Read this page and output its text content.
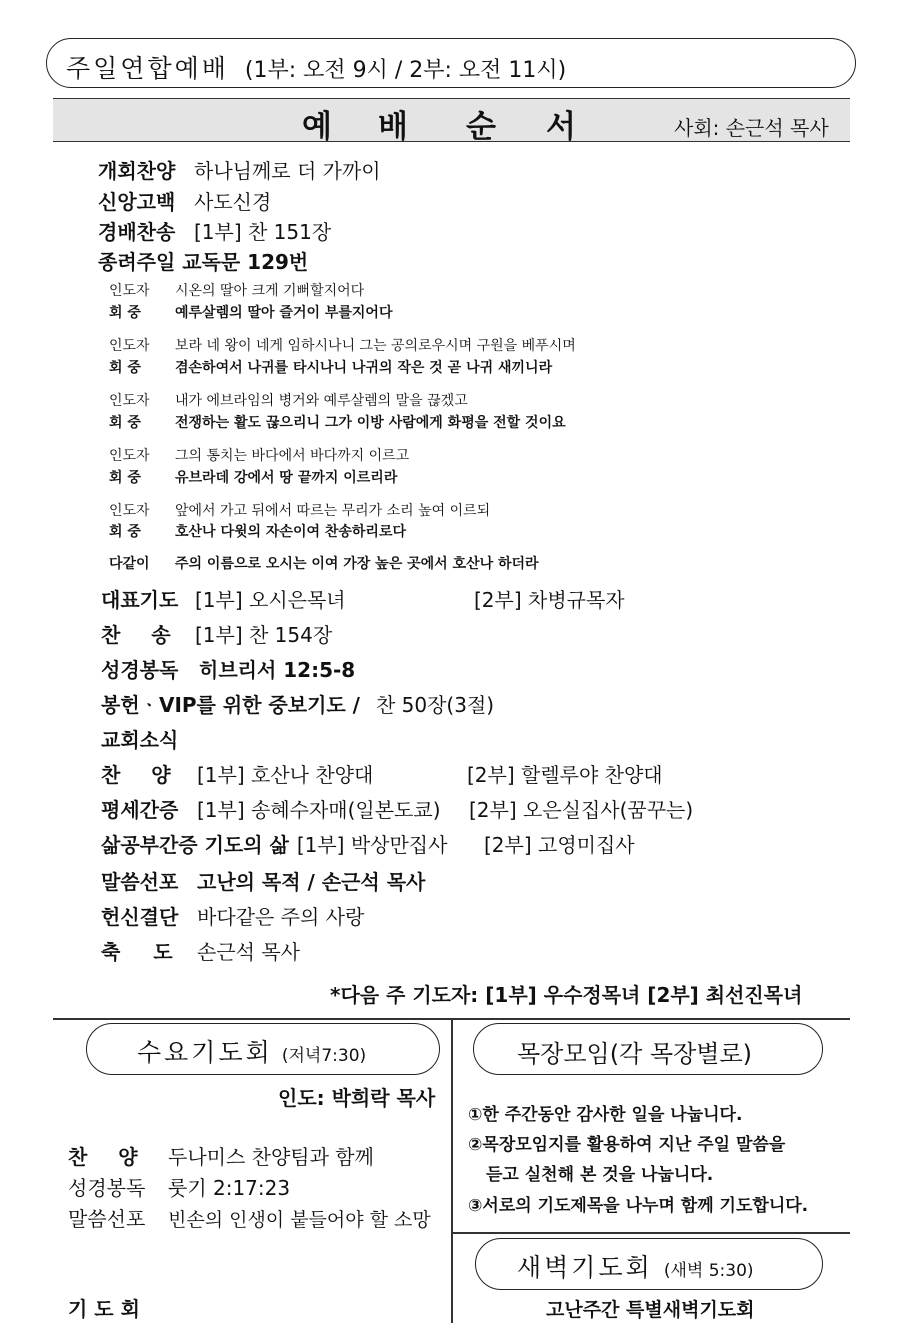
주일연합예배 (1부: 오전 9시 / 2부: 오전 11시)
예 배 순 서	사회: 손근석 목사
개회찬양 하나님께로 더 가까이
신앙고백 사도신경
경배찬송 [1부] 찬 151장
종려주일 교독문 129번
인도자 시온의 딸아 크게 기뻐할지어다
회 중 예루살렘의 딸아 즐거이 부를지어다
인도자 보라 네 왕이 네게 임하시나니 그는 공의로우시며 구원을 베푸시며
회 중 겸손하여서 나귀를 타시나니 나귀의 작은 것 곧 나귀 새끼니라
인도자 내가 에브라임의 병거와 예루살렘의 말을 끊겠고
회 중 전쟁하는 활도 끊으리니 그가 이방 사람에게 화평을 전할 것이요
인도자 그의 통치는 바다에서 바다까지 이르고
회 중 유브라데 강에서 땅 끝까지 이르리라
인도자 앞에서 가고 뒤에서 따르는 무리가 소리 높여 이르되
회 중 호산나 다윗의 자손이여 찬송하리로다
다같이 주의 이름으로 오시는 이여 가장 높은 곳에서 호산나 하더라
대표기도 [1부] 오시은목녀	[2부] 차병규목자
찬 송 [1부] 찬 154장
성경봉독 히브리서 12:5-8
봉헌ᆞVIP를 위한 중보기도 / 찬 50장(3절)
교회소식
찬 양 [1부] 호산나 찬양대	[2부] 할렐루야 찬양대
평세간증 [1부] 송혜수자매(일본도쿄) [2부] 오은실집사(꿈꾸는)
삶공부간증 기도의 삶 [1부] 박상만집사 [2부] 고영미집사
말씀선포 고난의 목적 / 손근석 목사
헌신결단 바다같은 주의 사랑
축 도 손근석 목사
*다음 주 기도자: [1부] 우수정목녀 [2부] 최선진목녀
수요기도회 (저녁7:30)
인도: 박희락 목사
찬 양 두나미스 찬양팀과 함께
성경봉독 룻기 2:17:23
말씀선포 빈손의 인생이 붙들어야 할 소망
기 도 회
목장모임(각 목장별로)
①한 주간동안 감사한 일을 나눕니다.
②목장모임지를 활용하여 지난 주일 말씀을
듣고 실천해 본 것을 나눕니다.
③서로의 기도제목을 나누며 함께 기도합니다.
새벽기도회 (새벽 5:30)
고난주간 특별새벽기도회
